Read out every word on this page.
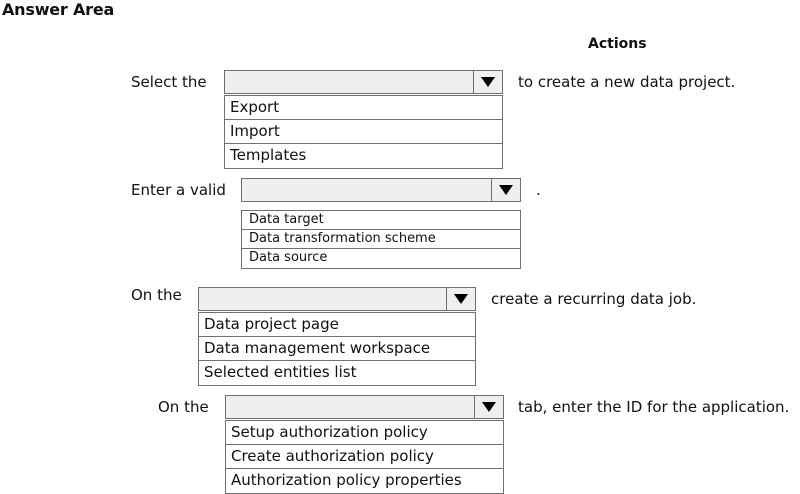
Answer Area
Actions
Select the	to create a new data project.
Export
Import
Templates
Enter a valid	.
Data target
Data transformation scheme
Data source
On the	create a recurring data job.
Data project page
Data management workspace
Selected entities list
On the	tab, enter the ID for the application.
Setup authorization policy
Create authorization policy
Authorization policy properties
